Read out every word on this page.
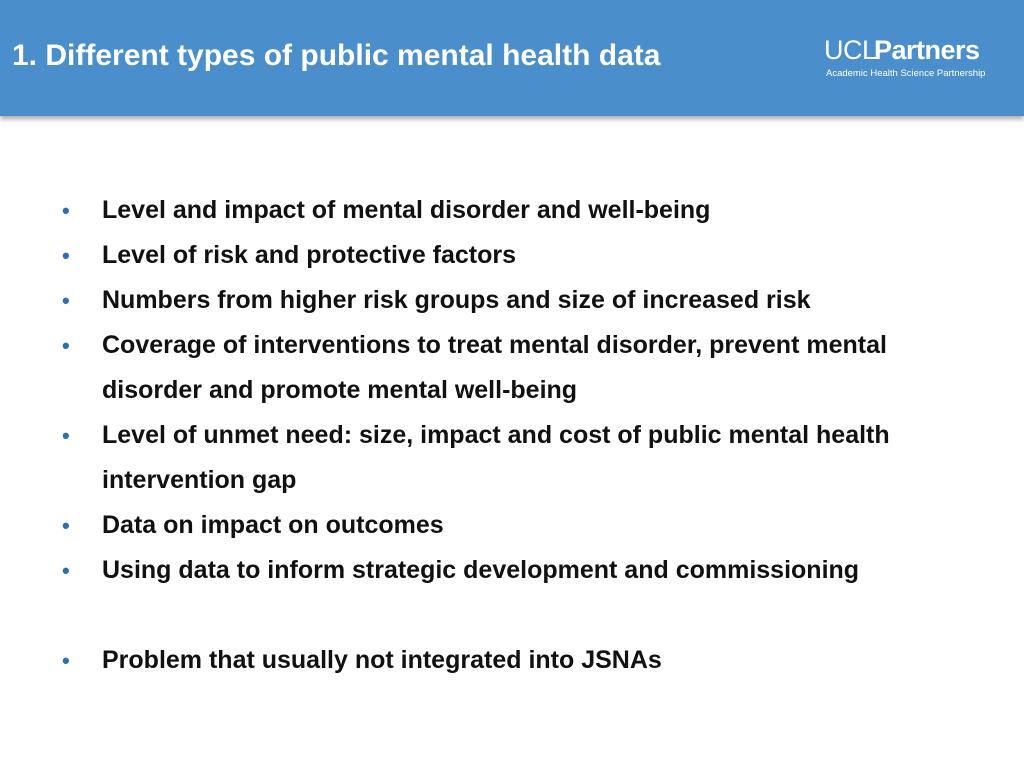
1. Different types of public mental health data	UCL
Partners
Academic Health Science Partnership
• Level and impact of mental disorder and well-being
• Level of risk and protective factors
• Numbers from higher risk groups and size of increased risk
• Coverage of interventions to treat mental disorder, prevent mental disorder and promote mental well-being
• Level of unmet need: size, impact and cost of public mental health intervention gap
• Data on impact on outcomes
• Using data to inform strategic development and commissioning
• Problem that usually not integrated into JSNAs
